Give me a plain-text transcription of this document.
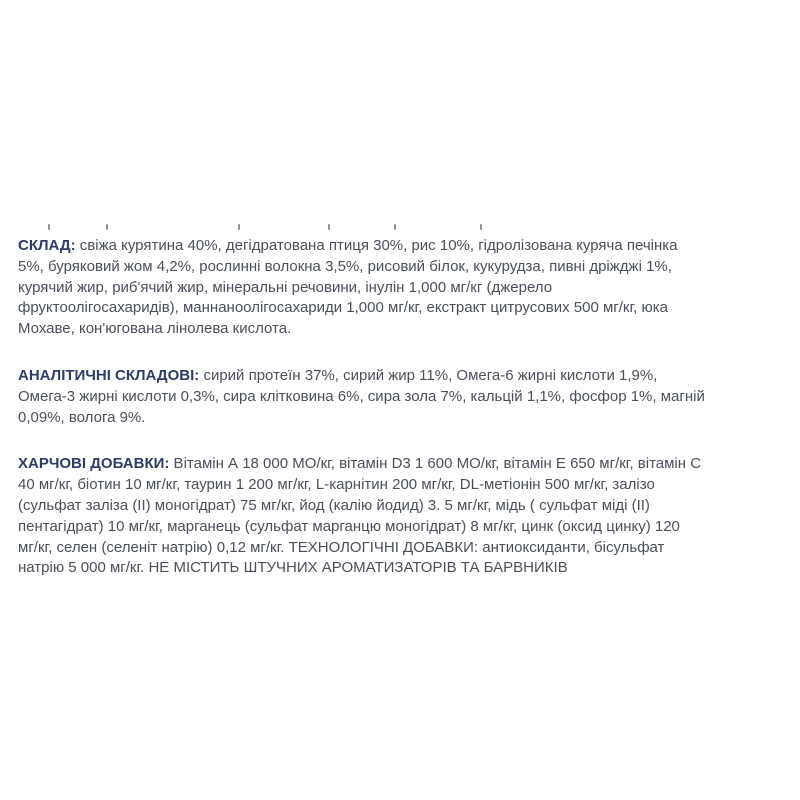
СКЛАД: свіжа курятина 40%, дегідратована птиця 30%, рис 10%, гідролізована куряча печінка
5%, буряковий жом 4,2%, рослинні волокна 3,5%, рисовий білок, кукурудза, пивні дріжджі 1%,
курячий жир, риб'ячий жир, мінеральні речовини, інулін 1,000 мг/кг (джерело
фруктоолігосахаридів), маннаноолігосахариди 1,000 мг/кг, екстракт цитрусових 500 мг/кг, юка
Мохаве, кон'югована лінолева кислота.

АНАЛІТИЧНІ СКЛАДОВІ: сирий протеїн 37%, сирий жир 11%, Омега-6 жирні кислоти 1,9%,
Омега-3 жирні кислоти 0,3%, сира клітковина 6%, сира зола 7%, кальцій 1,1%, фосфор 1%, магній
0,09%, волога 9%.

ХАРЧОВІ ДОБАВКИ: Вітамін А 18 000 МО/кг, вітамін D3 1 600 МО/кг, вітамін Е 650 мг/кг, вітамін С
40 мг/кг, біотин 10 мг/кг, таурин 1 200 мг/кг, L-карнітин 200 мг/кг, DL-метіонін 500 мг/кг, залізо
(сульфат заліза (II) моногідрат) 75 мг/кг, йод (калію йодид) 3. 5 мг/кг, мідь ( сульфат міді (II)
пентагідрат) 10 мг/кг, марганець (сульфат марганцю моногідрат) 8 мг/кг, цинк (оксид цинку) 120
мг/кг, селен (селеніт натрію) 0,12 мг/кг. ТЕХНОЛОГІЧНІ ДОБАВКИ: антиоксиданти, бісульфат
натрію 5 000 мг/кг. НЕ МІСТИТЬ ШТУЧНИХ АРОМАТИЗАТОРІВ ТА БАРВНИКІВ
